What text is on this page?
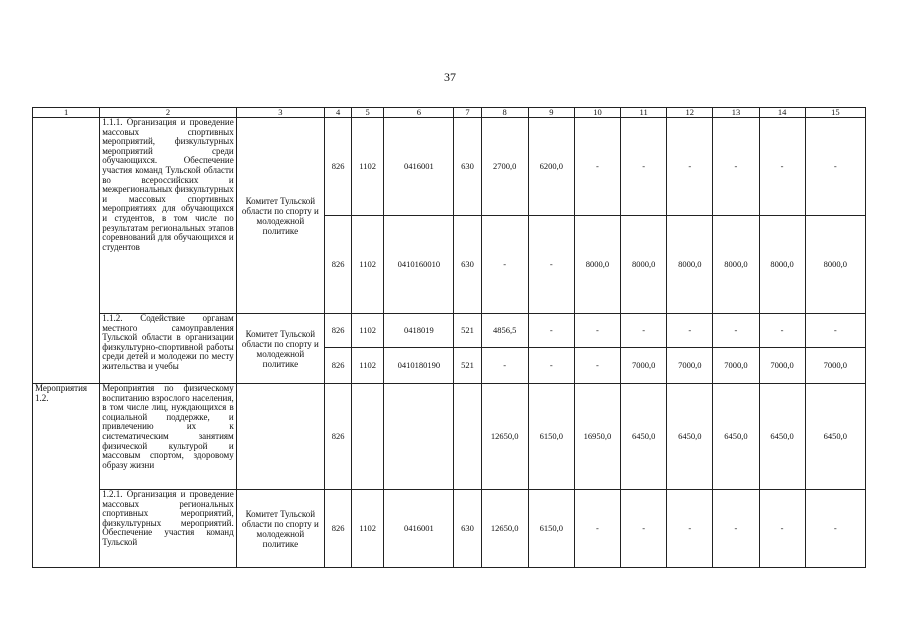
37
1	2	3	4	5	6	7	8	9	10	11	12	13	14	15
	1.1.1. Организация и проведение массовых спортивных мероприятий, физкультурных мероприятий среди обучающихся. Обеспечение участия команд Тульской области во всероссийских и межрегиональных физкультурных и массовых спортивных мероприятиях для обучающихся и студентов, в том числе по результатам региональных этапов соревнований для обучающихся и студентов	Комитет Тульской области по спорту и молодежной политике	826	1102	0416001	630	2700,0	6200,0	-	-	-	-	-	-
			826	1102	0410160010	630	-	-	8000,0	8000,0	8000,0	8000,0	8000,0	8000,0
	1.1.2. Содействие органам местного самоуправления Тульской области в организации физкультурно-спортивной работы среди детей и молодежи по месту жительства и учебы	Комитет Тульской области по спорту и молодежной политике	826	1102	0418019	521	4856,5	-	-	-	-	-	-	-
			826	1102	0410180190	521	-	-	-	7000,0	7000,0	7000,0	7000,0	7000,0
Мероприятия 1.2.	Мероприятия по физическому воспитанию взрослого населения, в том числе лиц, нуждающихся в социальной поддержке, и привлечению их к систематическим занятиям физической культурой и массовым спортом, здоровому образу жизни		826				12650,0	6150,0	16950,0	6450,0	6450,0	6450,0	6450,0	6450,0
	1.2.1. Организация и проведение массовых региональных спортивных мероприятий, физкультурных мероприятий. Обеспечение участия команд Тульской	Комитет Тульской области по спорту и молодежной политике	826	1102	0416001	630	12650,0	6150,0	-	-	-	-	-	-
